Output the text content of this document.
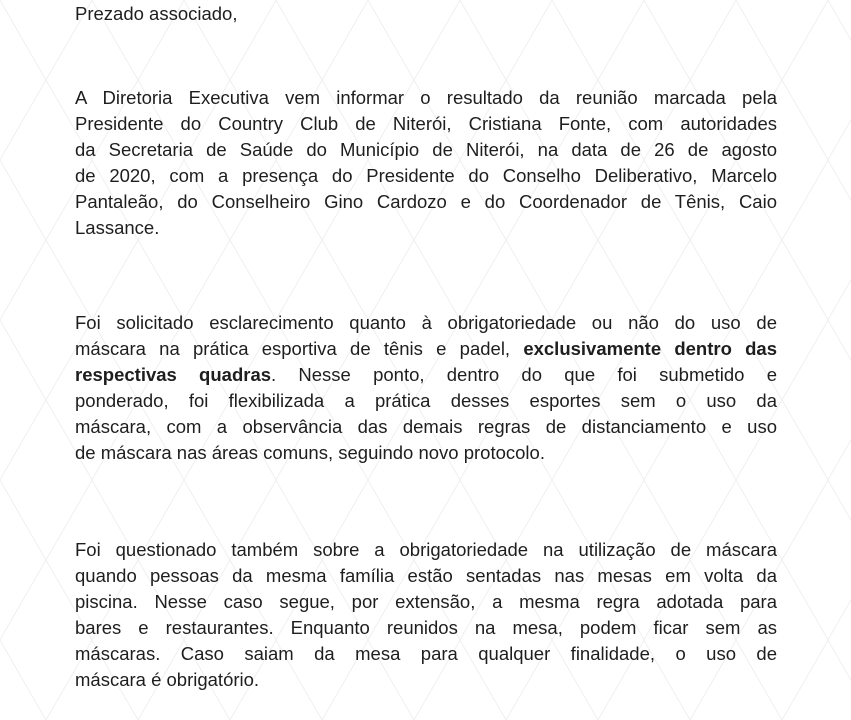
Prezado associado,
A Diretoria Executiva vem informar o resultado da reunião marcada pela
Presidente do Country Club de Niterói, Cristiana Fonte, com autoridades
da Secretaria de Saúde do Município de Niterói, na data de 26 de agosto
de 2020, com a presença do Presidente do Conselho Deliberativo, Marcelo
Pantaleão, do Conselheiro Gino Cardozo e do Coordenador de Tênis, Caio
Lassance.
Foi solicitado esclarecimento quanto à obrigatoriedade ou não do uso de
máscara na prática esportiva de tênis e padel, exclusivamente dentro das
respectivas quadras. Nesse ponto, dentro do que foi submetido e
ponderado, foi flexibilizada a prática desses esportes sem o uso da
máscara, com a observância das demais regras de distanciamento e uso
de máscara nas áreas comuns, seguindo novo protocolo.
Foi questionado também sobre a obrigatoriedade na utilização de máscara
quando pessoas da mesma família estão sentadas nas mesas em volta da
piscina. Nesse caso segue, por extensão, a mesma regra adotada para
bares e restaurantes. Enquanto reunidos na mesa, podem ficar sem as
máscaras. Caso saiam da mesa para qualquer finalidade, o uso de
máscara é obrigatório.
